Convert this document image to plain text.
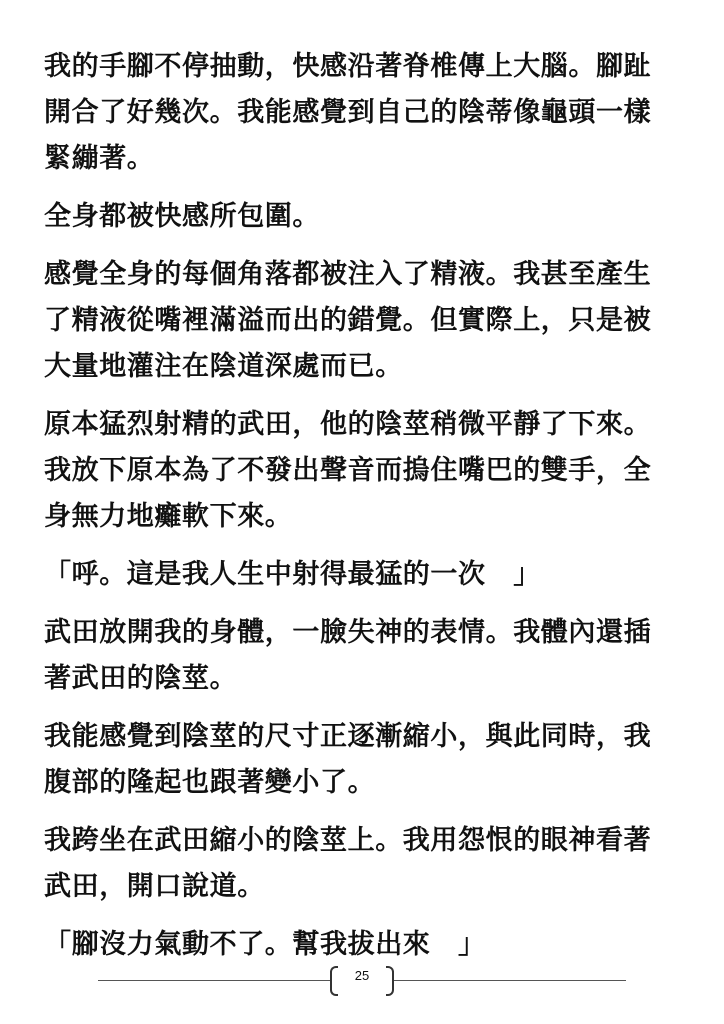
我的手腳不停抽動，快感沿著脊椎傳上大腦。腳趾開合了好幾次。我能感覺到自己的陰蒂像龜頭一樣緊繃著。

全身都被快感所包圍。

感覺全身的每個角落都被注入了精液。我甚至產生了精液從嘴裡滿溢而出的錯覺。但實際上，只是被大量地灌注在陰道深處而已。

原本猛烈射精的武田，他的陰莖稍微平靜了下來。我放下原本為了不發出聲音而摀住嘴巴的雙手，全身無力地癱軟下來。

「呼。這是我人生中射得最猛的一次　」

武田放開我的身體，一臉失神的表情。我體內還插著武田的陰莖。

我能感覺到陰莖的尺寸正逐漸縮小，與此同時，我腹部的隆起也跟著變小了。

我跨坐在武田縮小的陰莖上。我用怨恨的眼神看著武田，開口說道。

「腳沒力氣動不了。幫我拔出來　」

25
